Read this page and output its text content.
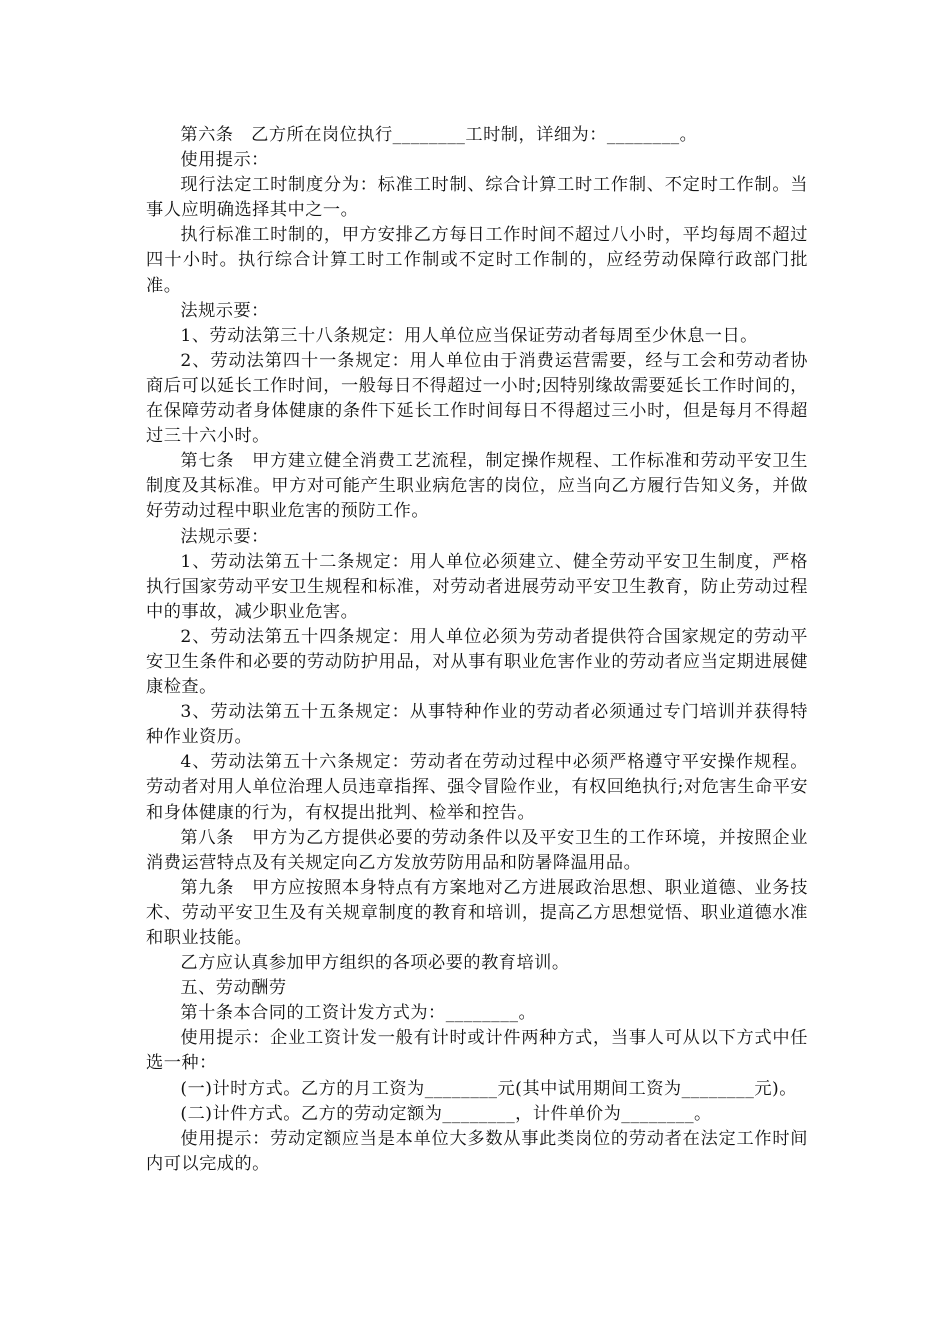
第六条　乙方所在岗位执行________工时制，详细为：________。

使用提示：

现行法定工时制度分为：标准工时制、综合计算工时工作制、不定时工作制。当事人应明确选择其中之一。

执行标准工时制的，甲方安排乙方每日工作时间不超过八小时，平均每周不超过四十小时。执行综合计算工时工作制或不定时工作制的，应经劳动保障行政部门批准。

法规示要：

1、劳动法第三十八条规定：用人单位应当保证劳动者每周至少休息一日。

2、劳动法第四十一条规定：用人单位由于消费运营需要，经与工会和劳动者协商后可以延长工作时间，一般每日不得超过一小时;因特别缘故需要延长工作时间的，在保障劳动者身体健康的条件下延长工作时间每日不得超过三小时，但是每月不得超过三十六小时。

第七条　甲方建立健全消费工艺流程，制定操作规程、工作标准和劳动平安卫生制度及其标准。甲方对可能产生职业病危害的岗位，应当向乙方履行告知义务，并做好劳动过程中职业危害的预防工作。

法规示要：

1、劳动法第五十二条规定：用人单位必须建立、健全劳动平安卫生制度，严格执行国家劳动平安卫生规程和标准，对劳动者进展劳动平安卫生教育，防止劳动过程中的事故，减少职业危害。

2、劳动法第五十四条规定：用人单位必须为劳动者提供符合国家规定的劳动平安卫生条件和必要的劳动防护用品，对从事有职业危害作业的劳动者应当定期进展健康检查。

3、劳动法第五十五条规定：从事特种作业的劳动者必须通过专门培训并获得特种作业资历。

4、劳动法第五十六条规定：劳动者在劳动过程中必须严格遵守平安操作规程。劳动者对用人单位治理人员违章指挥、强令冒险作业，有权回绝执行;对危害生命平安和身体健康的行为，有权提出批判、检举和控告。

第八条　甲方为乙方提供必要的劳动条件以及平安卫生的工作环境，并按照企业消费运营特点及有关规定向乙方发放劳防用品和防暑降温用品。

第九条　甲方应按照本身特点有方案地对乙方进展政治思想、职业道德、业务技术、劳动平安卫生及有关规章制度的教育和培训，提高乙方思想觉悟、职业道德水准和职业技能。

乙方应认真参加甲方组织的各项必要的教育培训。

五、劳动酬劳

第十条本合同的工资计发方式为：________。

使用提示：企业工资计发一般有计时或计件两种方式，当事人可从以下方式中任选一种：

(一)计时方式。乙方的月工资为________元(其中试用期间工资为________元)。

(二)计件方式。乙方的劳动定额为________，计件单价为________。

使用提示：劳动定额应当是本单位大多数从事此类岗位的劳动者在法定工作时间内可以完成的。
